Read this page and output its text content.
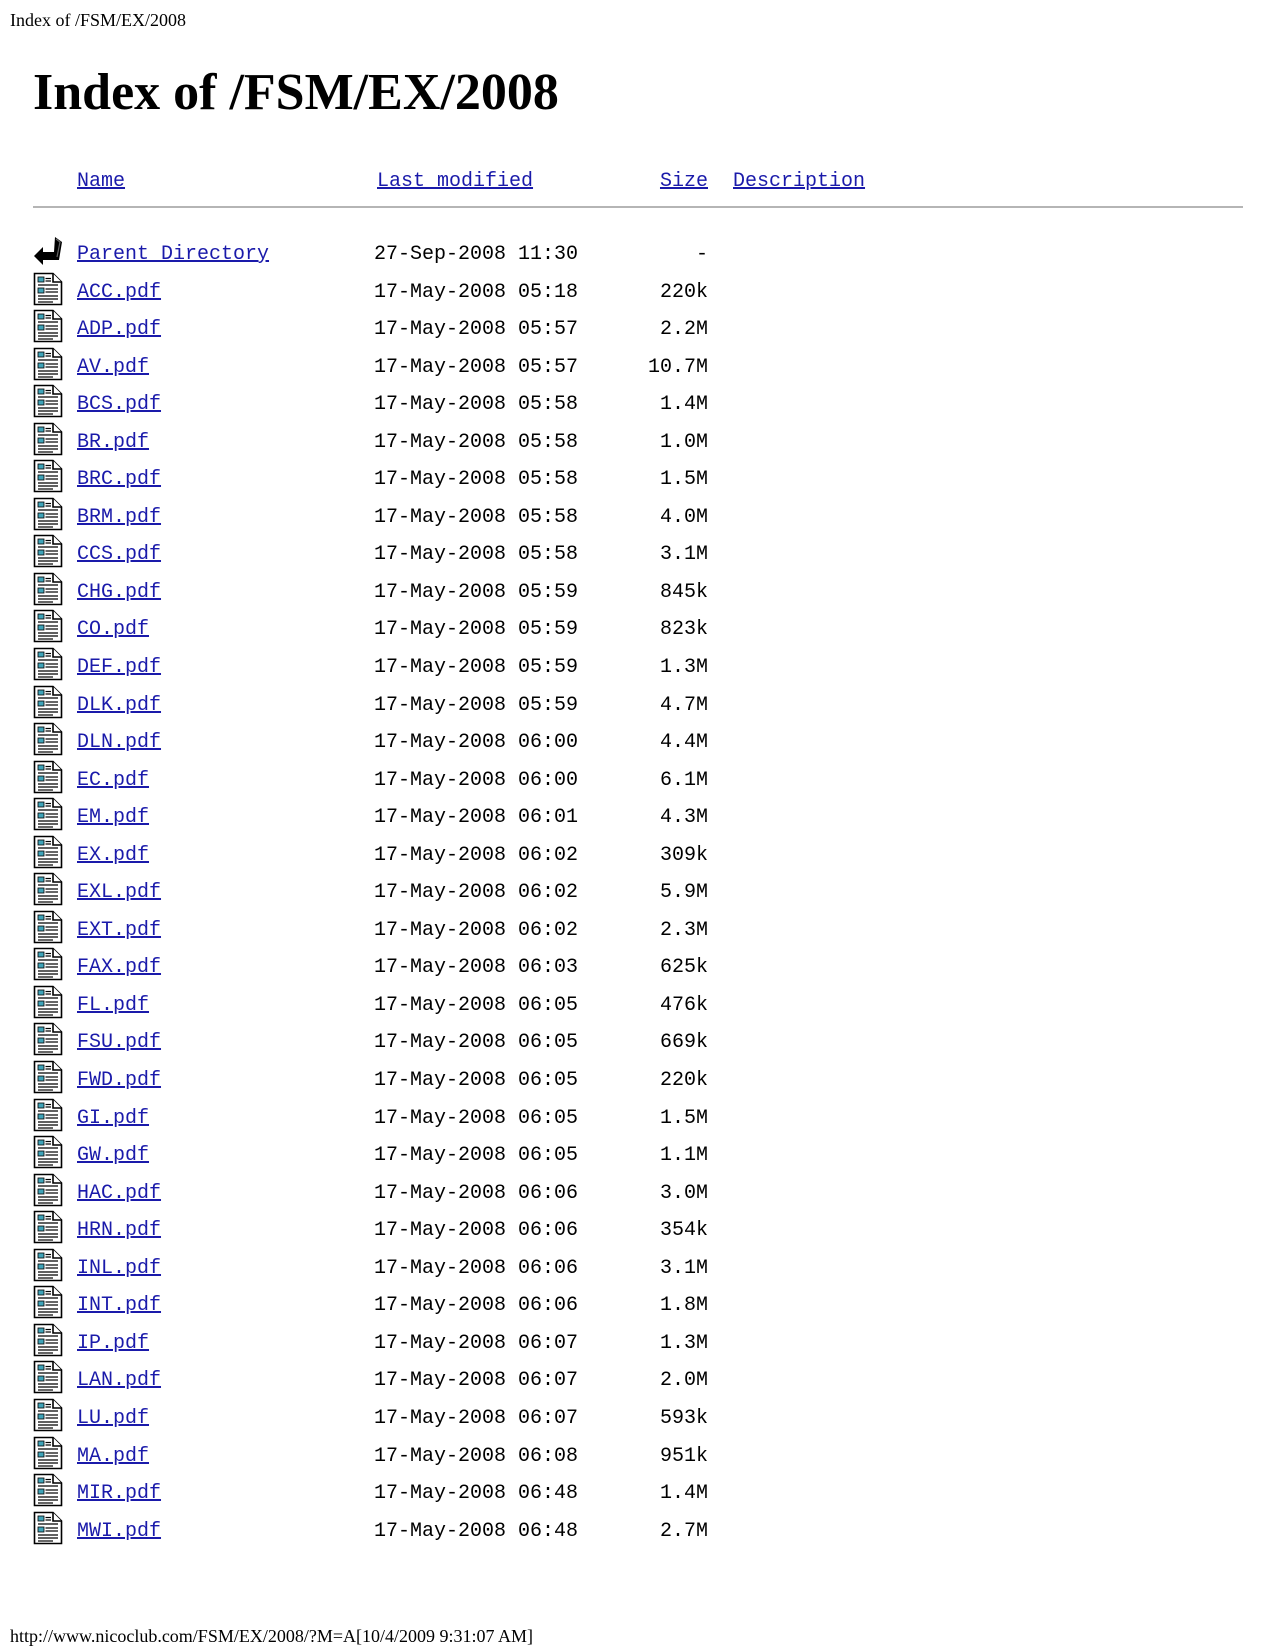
Index of /FSM/EX/2008
Index of /FSM/EX/2008
Name	Last modified	Size Description
Parent Directory	27-Sep-2008 11:30	-
ACC.pdf	17-May-2008 05:18	220k
ADP.pdf	17-May-2008 05:57	2.2M
AV.pdf	17-May-2008 05:57	10.7M
BCS.pdf	17-May-2008 05:58	1.4M
BR.pdf	17-May-2008 05:58	1.0M
BRC.pdf	17-May-2008 05:58	1.5M
BRM.pdf	17-May-2008 05:58	4.0M
CCS.pdf	17-May-2008 05:58	3.1M
CHG.pdf	17-May-2008 05:59	845k
CO.pdf	17-May-2008 05:59	823k
DEF.pdf	17-May-2008 05:59	1.3M
DLK.pdf	17-May-2008 05:59	4.7M
DLN.pdf	17-May-2008 06:00	4.4M
EC.pdf	17-May-2008 06:00	6.1M
EM.pdf	17-May-2008 06:01	4.3M
EX.pdf	17-May-2008 06:02	309k
EXL.pdf	17-May-2008 06:02	5.9M
EXT.pdf	17-May-2008 06:02	2.3M
FAX.pdf	17-May-2008 06:03	625k
FL.pdf	17-May-2008 06:05	476k
FSU.pdf	17-May-2008 06:05	669k
FWD.pdf	17-May-2008 06:05	220k
GI.pdf	17-May-2008 06:05	1.5M
GW.pdf	17-May-2008 06:05	1.1M
HAC.pdf	17-May-2008 06:06	3.0M
HRN.pdf	17-May-2008 06:06	354k
INL.pdf	17-May-2008 06:06	3.1M
INT.pdf	17-May-2008 06:06	1.8M
IP.pdf	17-May-2008 06:07	1.3M
LAN.pdf	17-May-2008 06:07	2.0M
LU.pdf	17-May-2008 06:07	593k
MA.pdf	17-May-2008 06:08	951k
MIR.pdf	17-May-2008 06:48	1.4M
MWI.pdf	17-May-2008 06:48	2.7M
http://www.nicoclub.com/FSM/EX/2008/?M=A[10/4/2009 9:31:07 AM]
